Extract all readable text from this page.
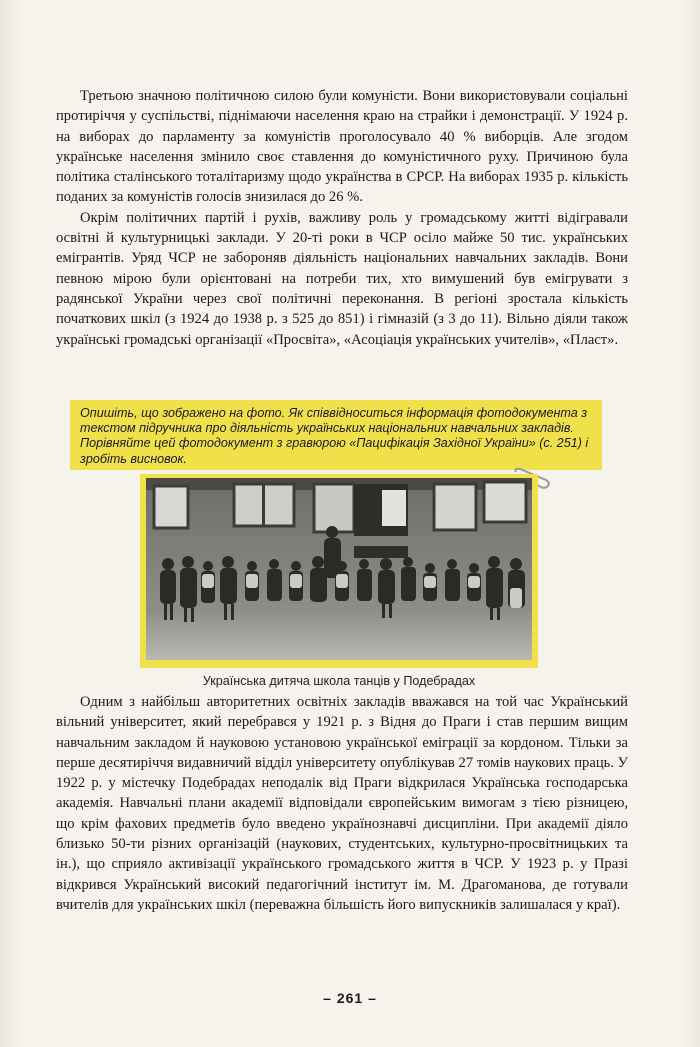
Третьою значною політичною силою були комуністи. Вони використовували соціальні протиріччя у суспільстві, піднімаючи населення краю на страйки і демонстрації. У 1924 р. на виборах до парламенту за комуністів проголосувало 40 % виборців. Але згодом українське населення змінило своє ставлення до комуністичного руху. Причиною була політика сталінського тоталітаризму щодо українства в СРСР. На виборах 1935 р. кількість поданих за комуністів голосів знизилася до 26 %.

Окрім політичних партій і рухів, важливу роль у громадському житті відігравали освітні й культурницькі заклади. У 20-ті роки в ЧСР осіло майже 50 тис. українських емігрантів. Уряд ЧСР не забороняв діяльність національних навчальних закладів. Вони певною мірою були орієнтовані на потреби тих, хто вимушений був емігрувати з радянської України через свої політичні переконання. В регіоні зростала кількість початкових шкіл (з 1924 до 1938 р. з 525 до 851) і гімназій (з 3 до 11). Вільно діяли також українські громадські організації «Просвіта», «Асоціація українських учителів», «Пласт».

Опишіть, що зображено на фото. Як співвідноситься інформація фотодокумента з текстом підручника про діяльність українських національних навчальних закладів. Порівняйте цей фотодокумент з гравюрою «Пацифікація Західної України» (с. 251) і зробіть висновок.
Українська дитяча школа танців у Подебрадах

Одним з найбільш авторитетних освітніх закладів вважався на той час Український вільний університет, який перебрався у 1921 р. з Відня до Праги і став першим вищим навчальним закладом й науковою установою української еміграції за кордоном. Тільки за перше десятиріччя видавничий відділ університету опублікував 27 томів наукових праць. У 1922 р. у містечку Подебрадах неподалік від Праги відкрилася Українська господарська академія. Навчальні плани академії відповідали європейським вимогам з тією різницею, що крім фахових предметів було введено українознавчі дисципліни. При академії діяло близько 50-ти різних організацій (наукових, студентських, культурно-просвітницьких та ін.), що сприяло активізації українського громадського життя в ЧСР. У 1923 р. у Празі відкрився Український високий педагогічний інститут ім. М. Драгоманова, де готували вчителів для українських шкіл (переважна більшість його випускників залишалася у краї).

– 261 –
